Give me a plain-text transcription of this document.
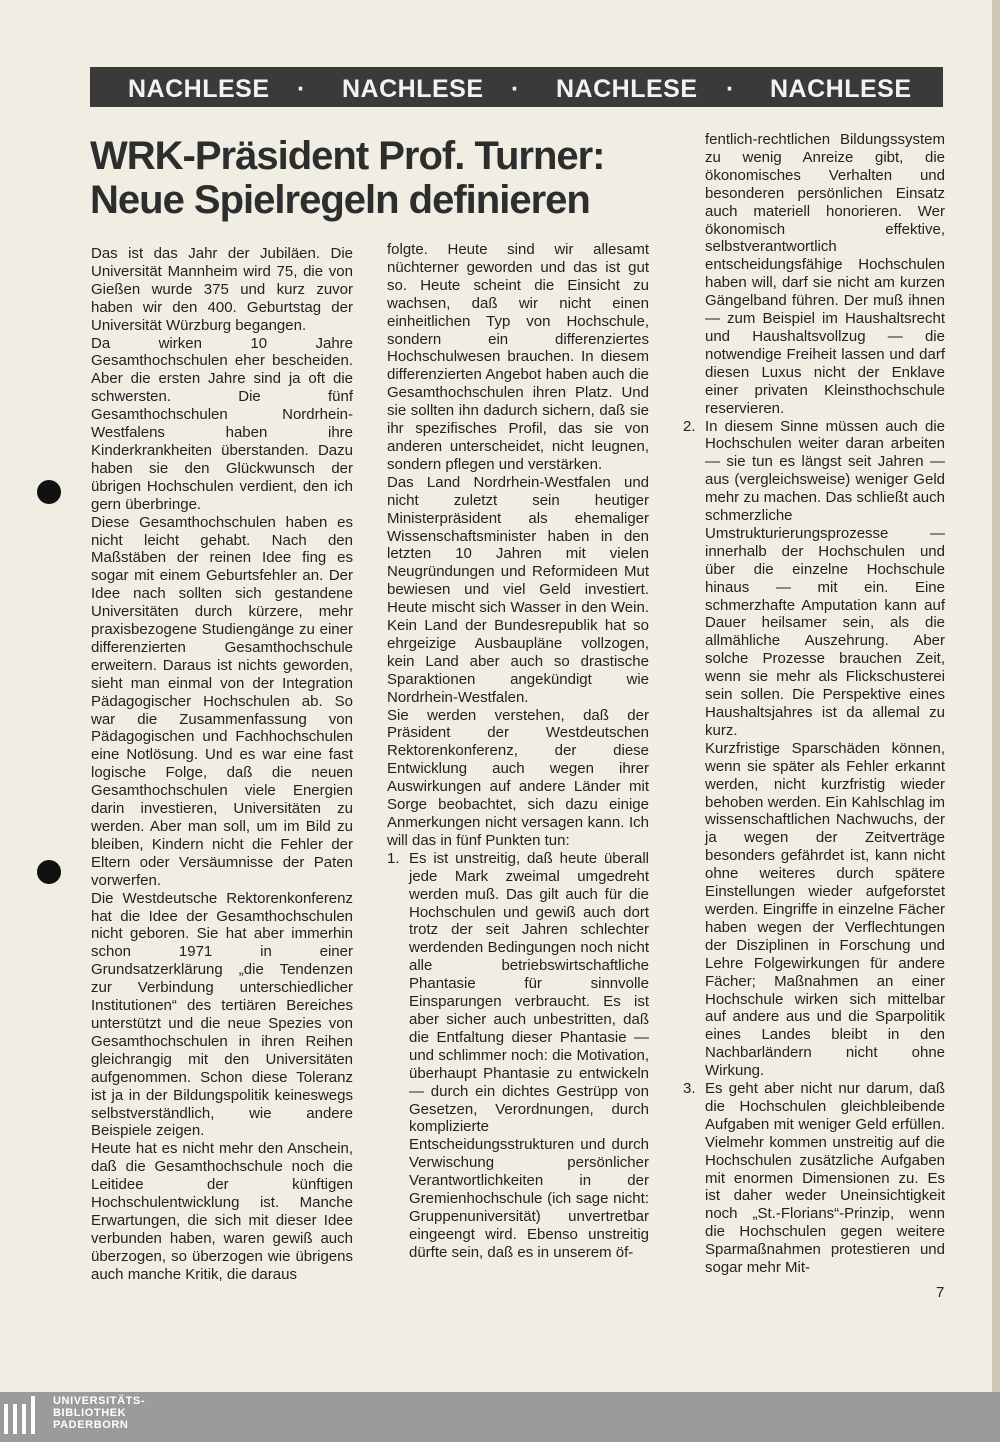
NACHLESE · NACHLESE · NACHLESE · NACHLESE
WRK-Präsident Prof. Turner:
Neue Spielregeln definieren

Das ist das Jahr der Jubiläen. Die Universität Mannheim wird 75, die von Gießen wurde 375 und kurz zuvor haben wir den 400. Geburtstag der Universität Würzburg begangen.

Da wirken 10 Jahre Gesamthochschulen eher bescheiden. Aber die ersten Jahre sind ja oft die schwersten. Die fünf Gesamthochschulen Nordrhein-Westfalens haben ihre Kinderkrankheiten überstanden. Dazu haben sie den Glückwunsch der übrigen Hochschulen verdient, den ich gern überbringe.

Diese Gesamthochschulen haben es nicht leicht gehabt. Nach den Maßstäben der reinen Idee fing es sogar mit einem Geburtsfehler an. Der Idee nach sollten sich gestandene Universitäten durch kürzere, mehr praxisbezogene Studiengänge zu einer differenzierten Gesamthochschule erweitern. Daraus ist nichts geworden, sieht man einmal von der Integration Pädagogischer Hochschulen ab. So war die Zusammenfassung von Pädagogischen und Fachhochschulen eine Notlösung. Und es war eine fast logische Folge, daß die neuen Gesamthochschulen viele Energien darin investieren, Universitäten zu werden. Aber man soll, um im Bild zu bleiben, Kindern nicht die Fehler der Eltern oder Versäumnisse der Paten vorwerfen.

Die Westdeutsche Rektorenkonferenz hat die Idee der Gesamthochschulen nicht geboren. Sie hat aber immerhin schon 1971 in einer Grundsatzerklärung „die Tendenzen zur Verbindung unterschiedlicher Institutionen“ des tertiären Bereiches unterstützt und die neue Spezies von Gesamthochschulen in ihren Reihen gleichrangig mit den Universitäten aufgenommen. Schon diese Toleranz ist ja in der Bildungspolitik keineswegs selbstverständlich, wie andere Beispiele zeigen.

Heute hat es nicht mehr den Anschein, daß die Gesamthochschule noch die Leitidee der künftigen Hochschulentwicklung ist. Manche Erwartungen, die sich mit dieser Idee verbunden haben, waren gewiß auch überzogen, so überzogen wie übrigens auch manche Kritik, die daraus

folgte. Heute sind wir allesamt nüchterner geworden und das ist gut so. Heute scheint die Einsicht zu wachsen, daß wir nicht einen einheitlichen Typ von Hochschule, sondern ein differenziertes Hochschulwesen brauchen. In diesem differenzierten Angebot haben auch die Gesamthochschulen ihren Platz. Und sie sollten ihn dadurch sichern, daß sie ihr spezifisches Profil, das sie von anderen unterscheidet, nicht leugnen, sondern pflegen und verstärken.

Das Land Nordrhein-Westfalen und nicht zuletzt sein heutiger Ministerpräsident als ehemaliger Wissenschaftsminister haben in den letzten 10 Jahren mit vielen Neugründungen und Reformideen Mut bewiesen und viel Geld investiert. Heute mischt sich Wasser in den Wein. Kein Land der Bundesrepublik hat so ehrgeizige Ausbaupläne vollzogen, kein Land aber auch so drastische Sparaktionen angekündigt wie Nordrhein-Westfalen.

Sie werden verstehen, daß der Präsident der Westdeutschen Rektorenkonferenz, der diese Entwicklung auch wegen ihrer Auswirkungen auf andere Länder mit Sorge beobachtet, sich dazu einige Anmerkungen nicht versagen kann. Ich will das in fünf Punkten tun:

1. Es ist unstreitig, daß heute überall jede Mark zweimal umgedreht werden muß. Das gilt auch für die Hochschulen und gewiß auch dort trotz der seit Jahren schlechter werdenden Bedingungen noch nicht alle betriebswirtschaftliche Phantasie für sinnvolle Einsparungen verbraucht. Es ist aber sicher auch unbestritten, daß die Entfaltung dieser Phantasie — und schlimmer noch: die Motivation, überhaupt Phantasie zu entwickeln — durch ein dichtes Gestrüpp von Gesetzen, Verordnungen, durch komplizierte Entscheidungsstrukturen und durch Verwischung persönlicher Verantwortlichkeiten in der Gremienhochschule (ich sage nicht: Gruppenuniversität) unvertretbar eingeengt wird. Ebenso unstreitig dürfte sein, daß es in unserem öf-
fentlich-rechtlichen Bildungssystem zu wenig Anreize gibt, die ökonomisches Verhalten und besonderen persönlichen Einsatz auch materiell honorieren. Wer ökonomisch effektive, selbstverantwortlich entscheidungsfähige Hochschulen haben will, darf sie nicht am kurzen Gängelband führen. Der muß ihnen — zum Beispiel im Haushaltsrecht und Haushaltsvollzug — die notwendige Freiheit lassen und darf diesen Luxus nicht der Enklave einer privaten Kleinsthochschule reservieren.
2. In diesem Sinne müssen auch die Hochschulen weiter daran arbeiten — sie tun es längst seit Jahren — aus (vergleichsweise) weniger Geld mehr zu machen. Das schließt auch schmerzliche Umstrukturierungsprozesse — innerhalb der Hochschulen und über die einzelne Hochschule hinaus — mit ein. Eine schmerzhafte Amputation kann auf Dauer heilsamer sein, als die allmähliche Auszehrung. Aber solche Prozesse brauchen Zeit, wenn sie mehr als Flickschusterei sein sollen. Die Perspektive eines Haushaltsjahres ist da allemal zu kurz.

Kurzfristige Sparschäden können, wenn sie später als Fehler erkannt werden, nicht kurzfristig wieder behoben werden. Ein Kahlschlag im wissenschaftlichen Nachwuchs, der ja wegen der Zeitverträge besonders gefährdet ist, kann nicht ohne weiteres durch spätere Einstellungen wieder aufgeforstet werden. Eingriffe in einzelne Fächer haben wegen der Verflechtungen der Disziplinen in Forschung und Lehre Folgewirkungen für andere Fächer; Maßnahmen an einer Hochschule wirken sich mittelbar auf andere aus und die Sparpolitik eines Landes bleibt in den Nachbarländern nicht ohne Wirkung.

3. Es geht aber nicht nur darum, daß die Hochschulen gleichbleibende Aufgaben mit weniger Geld erfüllen. Vielmehr kommen unstreitig auf die Hochschulen zusätzliche Aufgaben mit enormen Dimensionen zu. Es ist daher weder Uneinsichtigkeit noch „St.-Florians“-Prinzip, wenn die Hochschulen gegen weitere Sparmaßnahmen protestieren und sogar mehr Mit-
7
UNIVERSITÄTS-
BIBLIOTHEK
PADERBORN
